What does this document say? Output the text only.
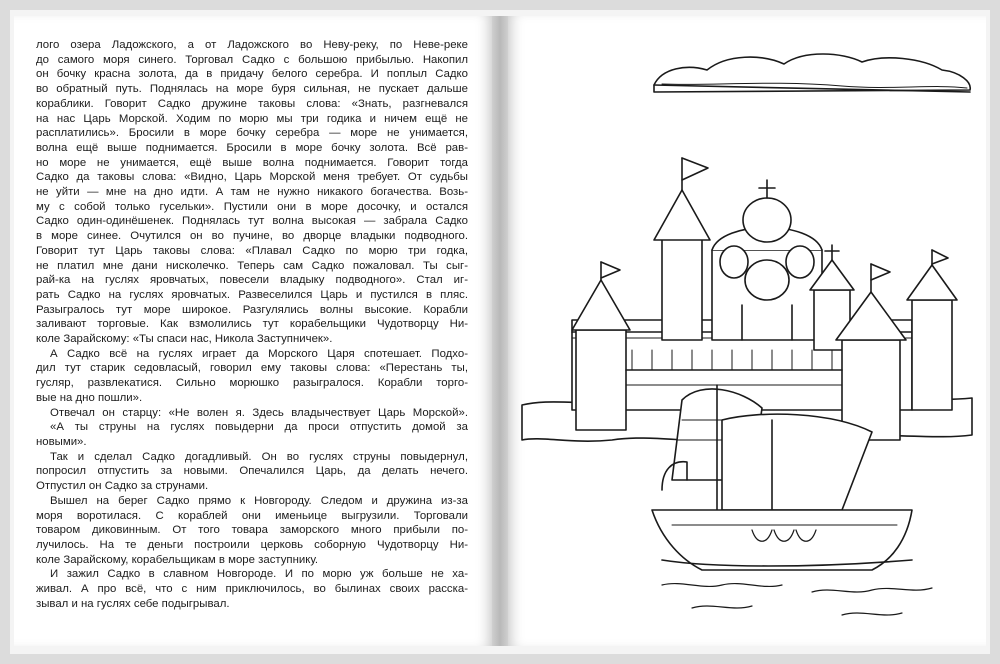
лого озера Ладожского, а от Ладожского во Неву-реку, по Неве-реке
до самого моря синего. Торговал Садко с большою прибылью. Накопил
он бочку красна золота, да в придачу белого серебра. И поплыл Садко
во обратный путь. Поднялась на море буря сильная, не пускает дальше
кораблики. Говорит Садко дружине таковы слова: «Знать, разгневался
на нас Царь Морской. Ходим по морю мы три годика и ничем ещё не
расплатились». Бросили в море бочку серебра — море не унимается,
волна ещё выше поднимается. Бросили в море бочку золота. Всё рав-
но море не унимается, ещё выше волна поднимается. Говорит тогда
Садко да таковы слова: «Видно, Царь Морской меня требует. От судьбы
не уйти — мне на дно идти. А там не нужно никакого богачества. Возь-
му с собой только гусельки». Пустили они в море досочку, и остался
Садко один-одинёшенек. Поднялась тут волна высокая — забрала Садко
в море синее. Очутился он во пучине, во дворце владыки подводного.
Говорит тут Царь таковы слова: «Плавал Садко по морю три годка,
не платил мне дани нисколечко. Теперь сам Садко пожаловал. Ты сыг-
рай-ка на гуслях яровчатых, повесели владыку подводного». Стал иг-
рать Садко на гуслях яровчатых. Развеселился Царь и пустился в пляс.
Разыгралось тут море широкое. Разгулялись волны высокие. Корабли
заливают торговые. Как взмолились тут корабельщики Чудотворцу Ни-
коле Зарайскому: «Ты спаси нас, Никола Заступничек».
А Садко всё на гуслях играет да Морского Царя спотешает. Подхо-
дил тут старик седовласый, говорил ему таковы слова: «Перестань ты,
гусляр, развлекатися. Сильно морюшко разыгралося. Корабли торго-
вые на дно пошли».
Отвечал он старцу: «Не волен я. Здесь владычествует Царь Морской».
«А ты струны на гуслях повыдерни да проси отпустить домой за
новыми».
Так и сделал Садко догадливый. Он во гуслях струны повыдернул,
попросил отпустить за новыми. Опечалился Царь, да делать нечего.
Отпустил он Садко за струнами.
Вышел на берег Садко прямо к Новгороду. Следом и дружина из-за
моря воротилася. С кораблей они именьице выгрузили. Торговали
товаром диковинным. От того товара заморского много прибыли по-
лучилось. На те деньги построили церковь соборную Чудотворцу Ни-
коле Зарайскому, корабельщикам в море заступнику.
И зажил Садко в славном Новгороде. И по морю уж больше не ха-
живал. А про всё, что с ним приключилось, во былинах своих расска-
зывал и на гуслях себе подыгрывал.
